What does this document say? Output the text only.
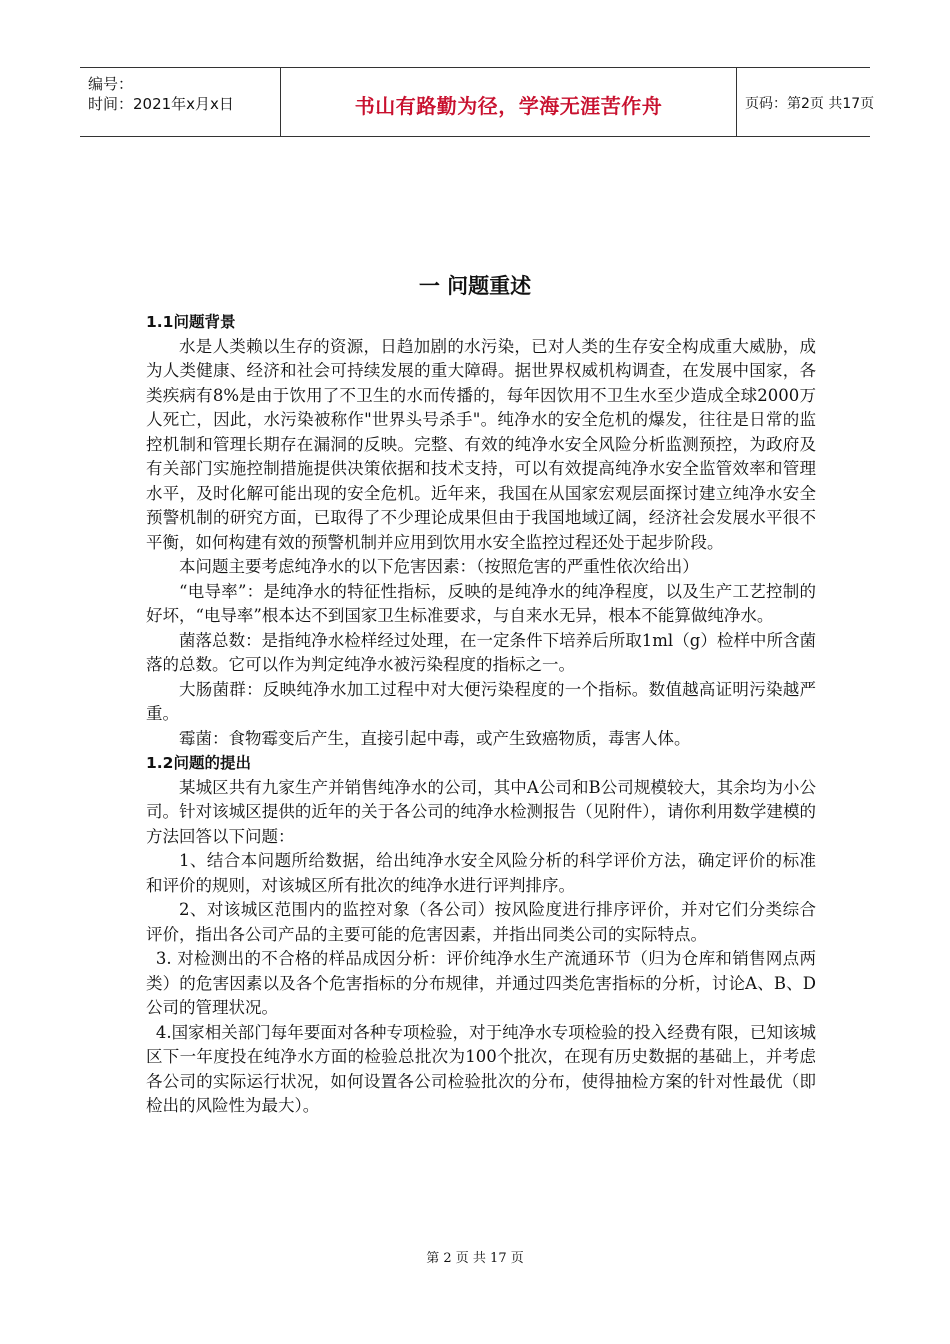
编号：
时间：2021年x月x日	书山有路勤为径，学海无涯苦作舟	页码：第2页 共17页
一 问题重述

1.1问题背景

水是人类赖以生存的资源，日趋加剧的水污染，已对人类的生存安全构成重大威胁，成为人类健康、经济和社会可持续发展的重大障碍。据世界权威机构调查，在发展中国家，各类疾病有8%是由于饮用了不卫生的水而传播的，每年因饮用不卫生水至少造成全球2000万人死亡，因此，水污染被称作"世界头号杀手"。纯净水的安全危机的爆发，往往是日常的监控机制和管理长期存在漏洞的反映。完整、有效的纯净水安全风险分析监测预控，为政府及有关部门实施控制措施提供决策依据和技术支持，可以有效提高纯净水安全监管效率和管理水平，及时化解可能出现的安全危机。近年来，我国在从国家宏观层面探讨建立纯净水安全预警机制的研究方面，已取得了不少理论成果但由于我国地域辽阔，经济社会发展水平很不平衡，如何构建有效的预警机制并应用到饮用水安全监控过程还处于起步阶段。

本问题主要考虑纯净水的以下危害因素：（按照危害的严重性依次给出）

“电导率”：是纯净水的特征性指标，反映的是纯净水的纯净程度，以及生产工艺控制的好坏，“电导率”根本达不到国家卫生标准要求，与自来水无异，根本不能算做纯净水。

菌落总数：是指纯净水检样经过处理，在一定条件下培养后所取1ml（g）检样中所含菌落的总数。它可以作为判定纯净水被污染程度的指标之一。

大肠菌群：反映纯净水加工过程中对大便污染程度的一个指标。数值越高证明污染越严重。

霉菌：食物霉变后产生，直接引起中毒，或产生致癌物质，毒害人体。

1.2问题的提出

某城区共有九家生产并销售纯净水的公司，其中A公司和B公司规模较大，其余均为小公司。针对该城区提供的近年的关于各公司的纯净水检测报告（见附件），请你利用数学建模的方法回答以下问题：

1、结合本问题所给数据，给出纯净水安全风险分析的科学评价方法，确定评价的标准和评价的规则，对该城区所有批次的纯净水进行评判排序。

2、对该城区范围内的监控对象（各公司）按风险度进行排序评价，并对它们分类综合评价，指出各公司产品的主要可能的危害因素，并指出同类公司的实际特点。

3. 对检测出的不合格的样品成因分析：评价纯净水生产流通环节（归为仓库和销售网点两类）的危害因素以及各个危害指标的分布规律，并通过四类危害指标的分析，讨论A、B、D公司的管理状况。

4.国家相关部门每年要面对各种专项检验，对于纯净水专项检验的投入经费有限，已知该城区下一年度投在纯净水方面的检验总批次为100个批次，在现有历史数据的基础上，并考虑各公司的实际运行状况，如何设置各公司检验批次的分布，使得抽检方案的针对性最优（即检出的风险性为最大）。

第 2 页 共 17 页
